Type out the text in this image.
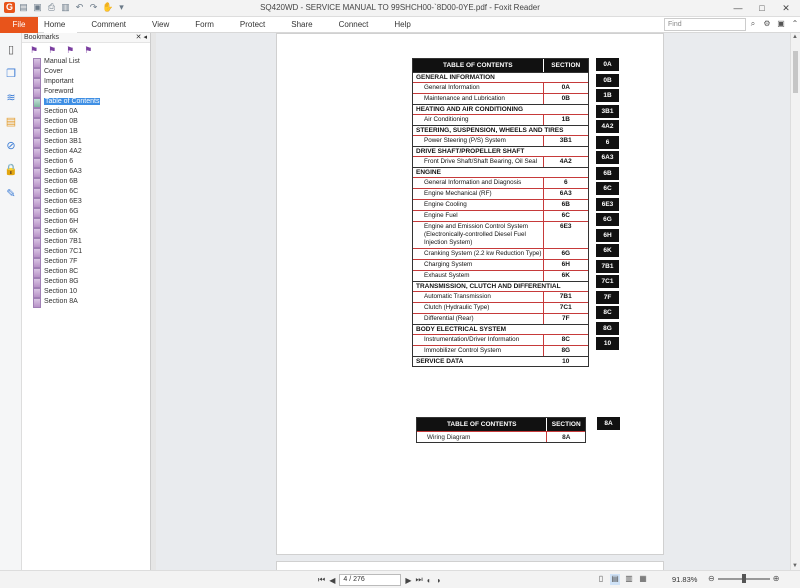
G ▤ ▣ ⎙ ▥ ↶ ↷ ✋ ▾	SQ420WD - SERVICE MANUAL TO 99SHCH00-`8D00-0YE.pdf - Foxit Reader	—	□	✕
File	Home	Comment	View	Form	Protect	Share	Connect	Help	Find	⌕	⚙ ▣ ⌃
▯
❐
≋
▤
⊘
🔒
✎
Bookmarks	✕ ◂
⚑ ⚑ ⚑ ⚑
Manual List
Cover
Important
Foreword
Table of Contents
Section 0A
Section 0B
Section 1B
Section 3B1
Section 4A2
Section 6
Section 6A3
Section 6B
Section 6C
Section 6E3
Section 6G
Section 6H
Section 6K
Section 7B1
Section 7C1
Section 7F
Section 8C
Section 8G
Section 10
Section 8A
TABLE OF CONTENTS	SECTION
GENERAL INFORMATION
General Information	0A
Maintenance and Lubrication	0B
HEATING AND AIR CONDITIONING
Air Conditioning	1B
STEERING, SUSPENSION, WHEELS AND TIRES
Power Steering (P/S) System	3B1
DRIVE SHAFT/PROPELLER SHAFT
Front Drive Shaft/Shaft Bearing, Oil Seal	4A2
ENGINE
General Information and Diagnosis	6
Engine Mechanical (RF)	6A3
Engine Cooling	6B
Engine Fuel	6C
Engine and Emission Control System (Electronically-controlled Diesel Fuel Injection System)
6E3
Cranking System (2.2 kw Reduction Type)	6G
Charging System	6H
Exhaust System	6K
TRANSMISSION, CLUTCH AND DIFFERENTIAL
Automatic Transmission	7B1
Clutch (Hydraulic Type)	7C1
Differential (Rear)	7F
BODY ELECTRICAL SYSTEM
Instrumentation/Driver Information	8C
Immobilizer Control System	8G
SERVICE DATA	10
0A
0B
1B
3B1
4A2
6
6A3
6B
6C
6E3
6G
6H
6K
7B1
7C1
7F
8C
8G
10
TABLE OF CONTENTS	SECTION
Wiring Diagram	8A
8A
▲
▼
⏮ ◀	4 / 276	▶ ⏭ ◐ ◑	▯	▤ ▥ ▦	91.83% ⊖	⊕
